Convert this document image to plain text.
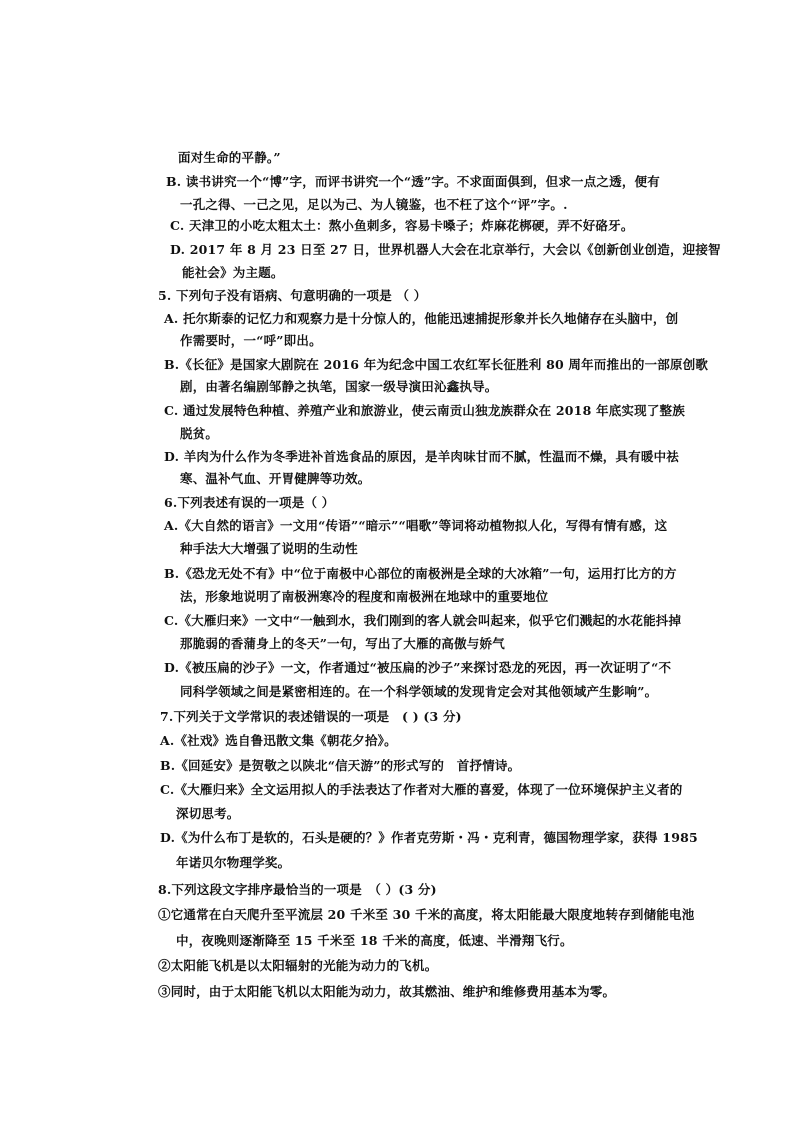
面对生命的平静。”
B. 读书讲究一个“博”字，而评书讲究一个“透”字。不求面面俱到，但求一点之透，便有
一孔之得、一己之见，足以为己、为人镜鉴，也不枉了这个“评”字。.
C. 天津卫的小吃太粗太土：熬小鱼刺多，容易卡嗓子；炸麻花梆硬，弄不好硌牙。
D. 2017 年 8 月 23 日至 27 日，世界机器人大会在北京举行，大会以《创新创业创造，迎接智
能社会》为主题。
5. 下列句子没有语病、句意明确的一项是 （ ）
A. 托尔斯泰的记忆力和观察力是十分惊人的，他能迅速捕捉形象并长久地储存在头脑中，创
作需要时，一“呼”即出。
B.《长征》是国家大剧院在 2016 年为纪念中国工农红军长征胜利 80 周年而推出的一部原创歌
剧，由著名编剧邹静之执笔，国家一级导演田沁鑫执导。
C. 通过发展特色种植、养殖产业和旅游业，使云南贡山独龙族群众在 2018 年底实现了整族
脱贫。
D. 羊肉为什么作为冬季进补首选食品的原因，是羊肉味甘而不腻，性温而不燥，具有暖中祛
寒、温补气血、开胃健脾等功效。
6.下列表述有误的一项是（ ）
A.《大自然的语言》一文用“传语”“暗示”“唱歌”等词将动植物拟人化，写得有情有感，这
种手法大大增强了说明的生动性
B.《恐龙无处不有》中“位于南极中心部位的南极洲是全球的大冰箱”一句，运用打比方的方
法，形象地说明了南极洲寒冷的程度和南极洲在地球中的重要地位
C.《大雁归来》一文中“一触到水，我们刚到的客人就会叫起来，似乎它们溅起的水花能抖掉
那脆弱的香蒲身上的冬天”一句，写出了大雁的高傲与娇气
D.《被压扁的沙子》一文，作者通过“被压扁的沙子”来探讨恐龙的死因，再一次证明了“不
同科学领域之间是紧密相连的。在一个科学领域的发现肯定会对其他领域产生影响”。
7.下列关于文学常识的表述错误的一项是　( ) (3 分)
A.《社戏》选自鲁迅散文集《朝花夕拾》。
B.《回延安》是贺敬之以陕北“信天游”的形式写的　首抒情诗。
C.《大雁归来》全文运用拟人的手法表达了作者对大雁的喜爱，体现了一位环境保护主义者的
深切思考。
D.《为什么布丁是软的，石头是硬的？》作者克劳斯・冯・克利青，德国物理学家，获得 1985
年诺贝尔物理学奖。
8.下列这段文字排序最恰当的一项是　（ ）(3 分)
①它通常在白天爬升至平流层 20 千米至 30 千米的高度，将太阳能最大限度地转存到储能电池
中，夜晚则逐渐降至 15 千米至 18 千米的高度，低速、半滑翔飞行。
②太阳能飞机是以太阳辐射的光能为动力的飞机。
③同时，由于太阳能飞机以太阳能为动力，故其燃油、维护和维修费用基本为零。
